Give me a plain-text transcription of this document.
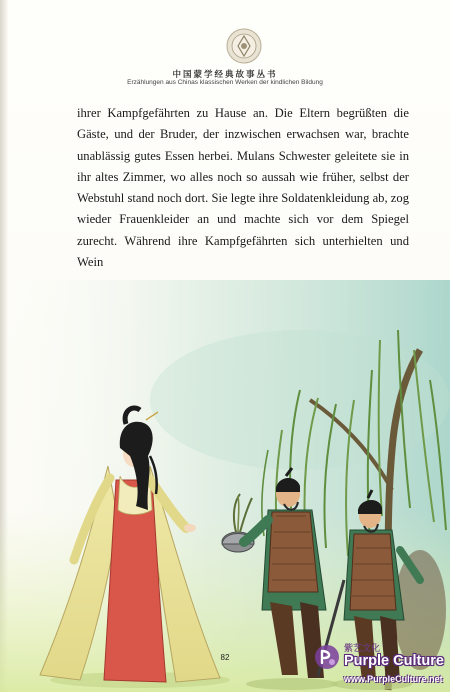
中国蒙学经典故事丛书
Erzählungen aus Chinas klassischen Werken der kindlichen Bildung

ihrer Kampfgefährten zu Hause an. Die Eltern begrüßten die Gäste, und der Bruder, der inzwischen erwachsen war, brachte unablässig gutes Essen herbei. Mulans Schwester geleitete sie in ihr altes Zimmer, wo alles noch so aussah wie früher, selbst der Webstuhl stand noch dort. Sie legte ihre Soldatenkleidung ab, zog wieder Frauenkleider an und machte sich vor dem Spiegel zurecht. Während ihre Kampfgefährten sich unterhielten und Wein

82
紫艺文化
Purple Culture
www.PurpleCulture.net
